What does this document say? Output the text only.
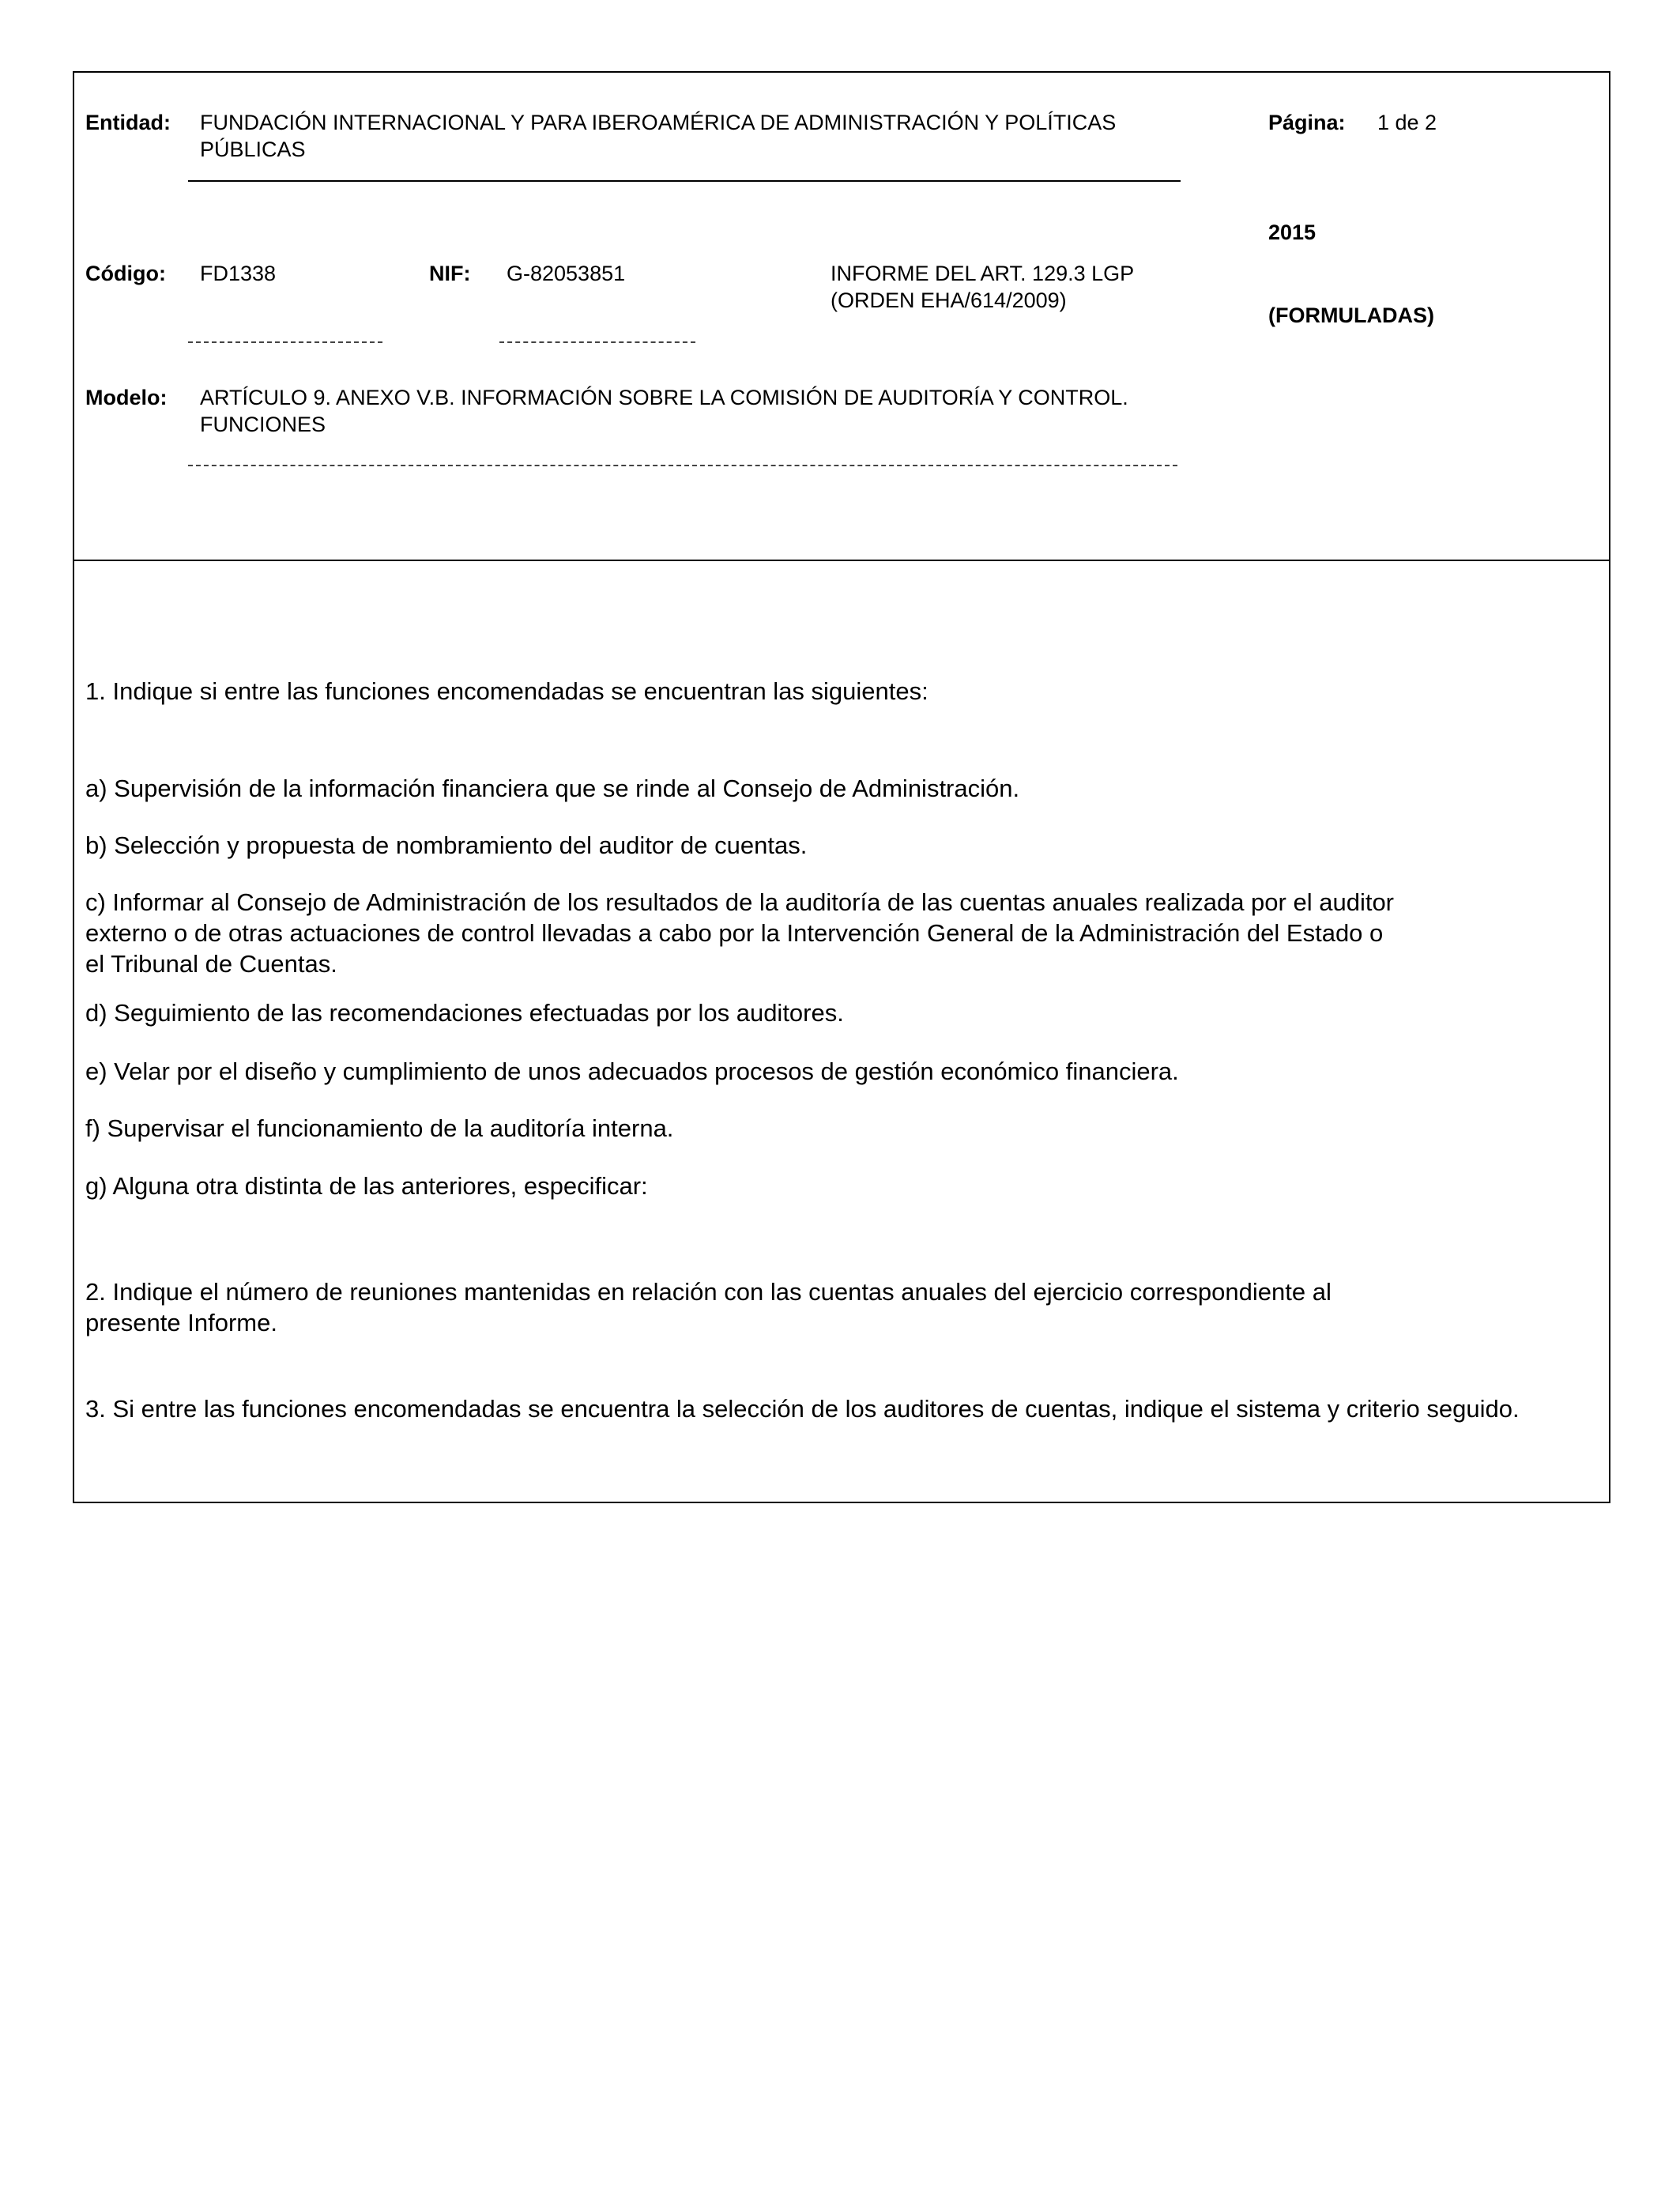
Entidad: FUNDACIÓN INTERNACIONAL Y PARA IBEROAMÉRICA DE ADMINISTRACIÓN Y POLÍTICAS PÚBLICAS
Página: 1 de 2
2015
Código: FD1338	NIF: G-82053851	INFORME DEL ART. 129.3 LGP (ORDEN EHA/614/2009)
(FORMULADAS)
Modelo: ARTÍCULO 9. ANEXO V.B. INFORMACIÓN SOBRE LA COMISIÓN DE AUDITORÍA Y CONTROL. FUNCIONES
1. Indique si entre las funciones encomendadas se encuentran las siguientes:
a) Supervisión de la información financiera que se rinde al Consejo de Administración.
b) Selección y propuesta de nombramiento del auditor de cuentas.
c) Informar al Consejo de Administración de los resultados de la auditoría de las cuentas anuales realizada por el auditor externo o de otras actuaciones de control llevadas a cabo por la Intervención General de la Administración del Estado o el Tribunal de Cuentas.
d) Seguimiento de las recomendaciones efectuadas por los auditores.
e) Velar por el diseño y cumplimiento de unos adecuados procesos de gestión económico financiera.
f) Supervisar el funcionamiento de la auditoría interna.
g) Alguna otra distinta de las anteriores, especificar:
2. Indique el número de reuniones mantenidas en relación con las cuentas anuales del ejercicio correspondiente al presente Informe.
3. Si entre las funciones encomendadas se encuentra la selección de los auditores de cuentas, indique el sistema y criterio seguido.
